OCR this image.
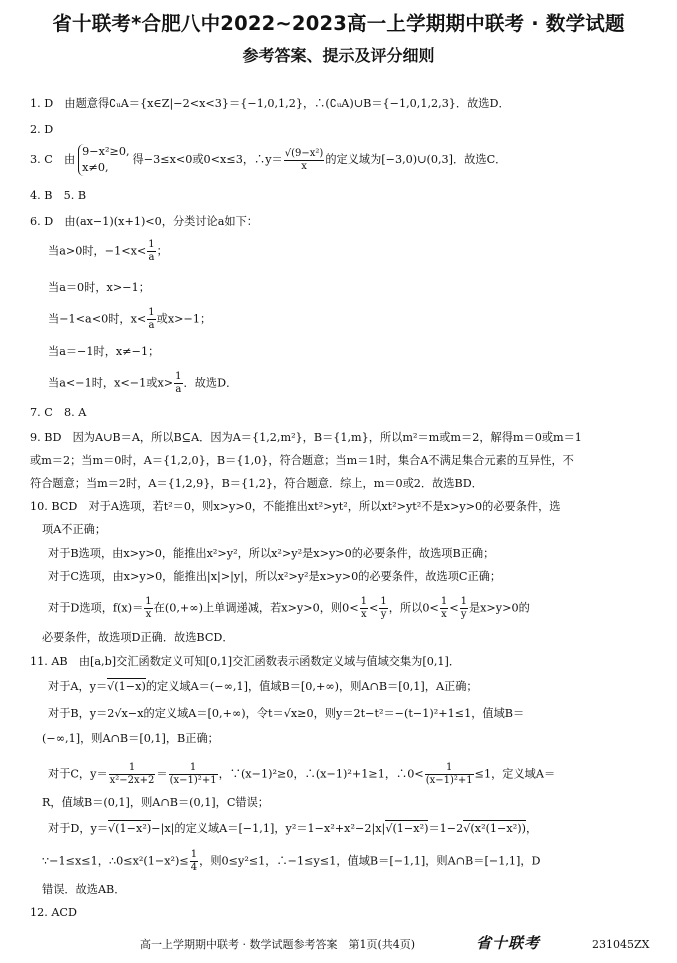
省十联考*合肥八中2022~2023高一上学期期中联考 · 数学试题
参考答案、提示及评分细则
1. D　由题意得∁ᵤA＝{x∈Z|−2<x<3}＝{−1,0,1,2}，∴(∁ᵤA)∪B＝{−1,0,1,2,3}．故选D．
2. D
3. C　由9−x²≥0,
x≠0,得−3≤x<0或0<x≤3，∴y＝ $\frac{\text{√(9−x²)}}{x}$ 的定义域为[−3,0)∪(0,3]．故选C．
4. B　5. B
6. D　由(ax−1)(x+1)<0，分类讨论a如下：
当a>0时，$-1<x< \frac{1}{a}$ ；
当a＝0时，x>−1；
当−1<a<0时，$x< \frac{1}{a}$ 或x>−1；
当a＝−1时，x≠−1；
当a<−1时，x<−1或$x> \frac{1}{a}$ ．故选D．
7. C　8. A
9. BD　因为A∪B＝A，所以B⊆A．因为A＝{1,2,m²}，B＝{1,m}，所以m²＝m或m＝2，解得m＝0或m＝1
或m＝2；当m＝0时，A＝{1,2,0}，B＝{1,0}，符合题意；当m＝1时，集合A不满足集合元素的互异性，不
符合题意；当m＝2时，A＝{1,2,9}，B＝{1,2}，符合题意．综上，m＝0或2．故选BD．
10. BCD　对于A选项，若t²＝0，则x>y>0，不能推出xt²>yt²，所以xt²>yt²不是x>y>0的必要条件，选
项A不正确；
对于B选项，由x>y>0，能推出x²>y²，所以x²>y²是x>y>0的必要条件，故选项B正确；
对于C选项，由x>y>0，能推出|x|>|y|，所以x²>y²是x>y>0的必要条件，故选项C正确；
对于D选项，$f(x)= \frac{1}{x}$ 在(0,+∞)上单调递减，若x>y>0，则$0< \frac{1}{x} < \frac{1}{y}$ ，所以$0< \frac{1}{x} < \frac{1}{y}$ 是x>y>0的
必要条件，故选项D正确．故选BCD．
11. AB　由[a,b]交汇函数定义可知[0,1]交汇函数表示函数定义域与值域交集为[0,1]．
对于A，y＝√(1−x)的定义域A＝(−∞,1]，值域B＝[0,+∞)，则A∩B＝[0,1]，A正确；
对于B，y＝2√x−x的定义域A＝[0,+∞)，令t＝√x≥0，则y＝2t−t²＝−(t−1)²+1≤1，值域B＝
(−∞,1]，则A∩B＝[0,1]，B正确；
对于C，$y= \frac{1}{\text{x²−2x+2}} = \frac{1}{\text{(x−1)²+1}}$ ，∵(x−1)²≥0，∴(x−1)²+1≥1，∴0< $\frac{1}{\text{(x−1)²+1}} \le 1$，定义域A＝
R，值域B＝(0,1]，则A∩B＝(0,1]，C错误；
对于D，y＝√(1−x²)−|x|的定义域A＝[−1,1]，y²＝1−x²+x²−2|x|√(1−x²)＝1−2√(x²(1−x²))，
∵−1≤x≤1，∴0≤x²(1−x²)≤ $\frac{1}{4}$ ，则0≤y²≤1，∴−1≤y≤1，值域B＝[−1,1]，则A∩B＝[−1,1]，D
错误．故选AB．
12. ACD
高一上学期期中联考 · 数学试题参考答案　第1页(共4页)	省十联考	231045ZX
